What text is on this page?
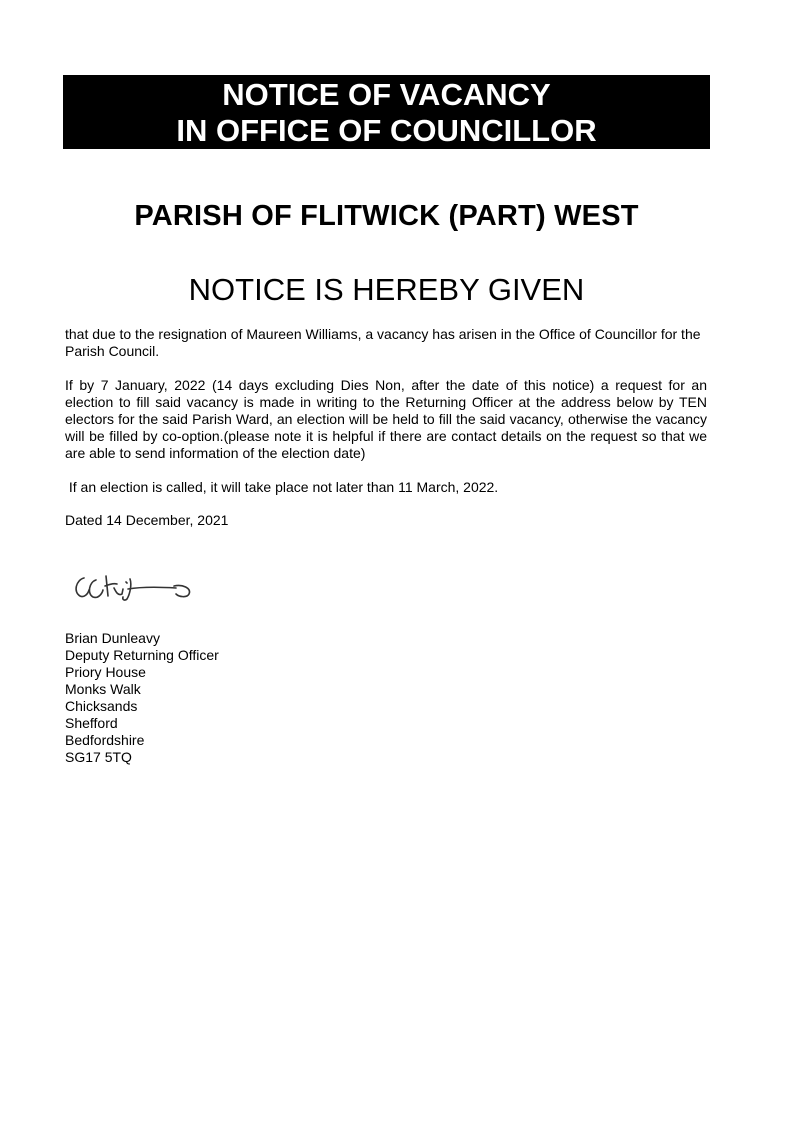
NOTICE OF VACANCY
IN OFFICE OF COUNCILLOR
PARISH OF FLITWICK (PART) WEST
NOTICE IS HEREBY GIVEN
that due to the resignation of Maureen Williams, a vacancy has arisen in the Office of Councillor for the Parish Council.
If by 7 January, 2022 (14 days excluding Dies Non, after the date of this notice) a request for an election to fill said vacancy is made in writing to the Returning Officer at the address below by TEN electors for the said Parish Ward, an election will be held to fill the said vacancy, otherwise the vacancy will be filled by co-option.(please note it is helpful if there are contact details on the request so that we are able to send information of the election date)
If an election is called, it will take place not later than 11 March, 2022.
Dated 14 December, 2021
Brian Dunleavy
Deputy Returning Officer
Priory House
Monks Walk
Chicksands
Shefford
Bedfordshire
SG17 5TQ
